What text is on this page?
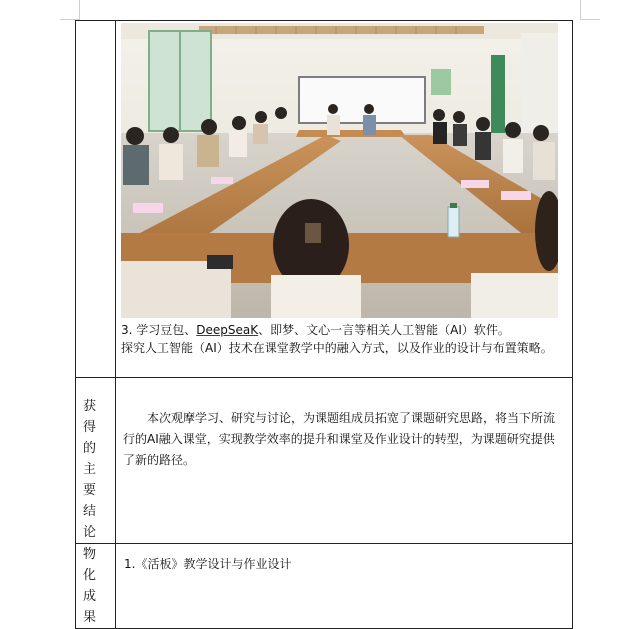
	3. 学习豆包、DeepSeaK、即梦、文心一言等相关人工智能（AI）软件。
探究人工智能（AI）技术在课堂教学中的融入方式，以及作业的设计与布置策略。

获得的主要结论	本次观摩学习、研究与讨论，为课题组成员拓宽了课题研究思路，将当下所流行的AI融入课堂，实现教学效率的提升和课堂及作业设计的转型，为课题研究提供了新的路径。

物化成果	1.《活板》教学设计与作业设计
